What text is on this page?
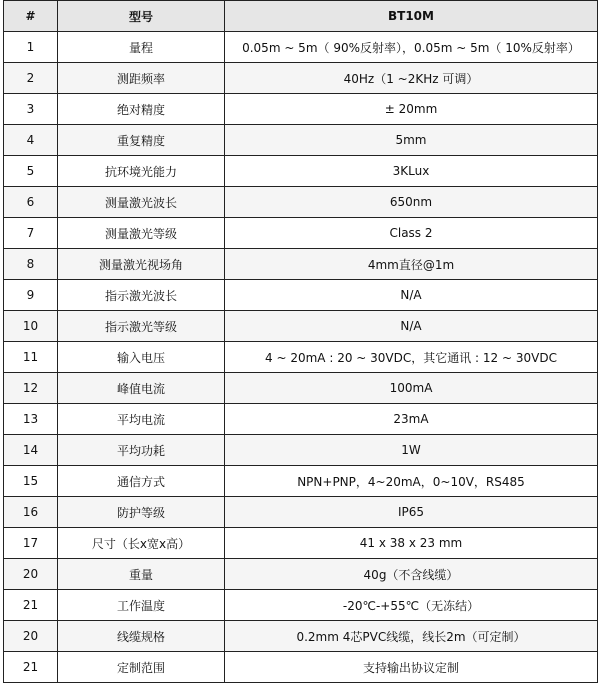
#	型号	BT10M
1	量程	0.05m ~ 5m（ 90%反射率），0.05m ~ 5m（ 10%反射率）
2	测距频率	40Hz（1 ~2KHz 可调）
3	绝对精度	± 20mm
4	重复精度	5mm
5	抗环境光能力	3KLux
6	测量激光波长	650nm
7	测量激光等级	Class 2
8	测量激光视场角	4mm直径@1m
9	指示激光波长	N/A
10	指示激光等级	N/A
11	输入电压	4 ~ 20mA : 20 ~ 30VDC，其它通讯 : 12 ~ 30VDC
12	峰值电流	100mA
13	平均电流	23mA
14	平均功耗	1W
15	通信方式	NPN+PNP，4~20mA，0~10V，RS485
16	防护等级	IP65
17	尺寸（长x宽x高）	41 x 38 x 23 mm
20	重量	40g（不含线缆）
21	工作温度	-20℃-+55℃（无冻结）
20	线缆规格	0.2mm 4芯PVC线缆，线长2m（可定制）
21	定制范围	支持输出协议定制
